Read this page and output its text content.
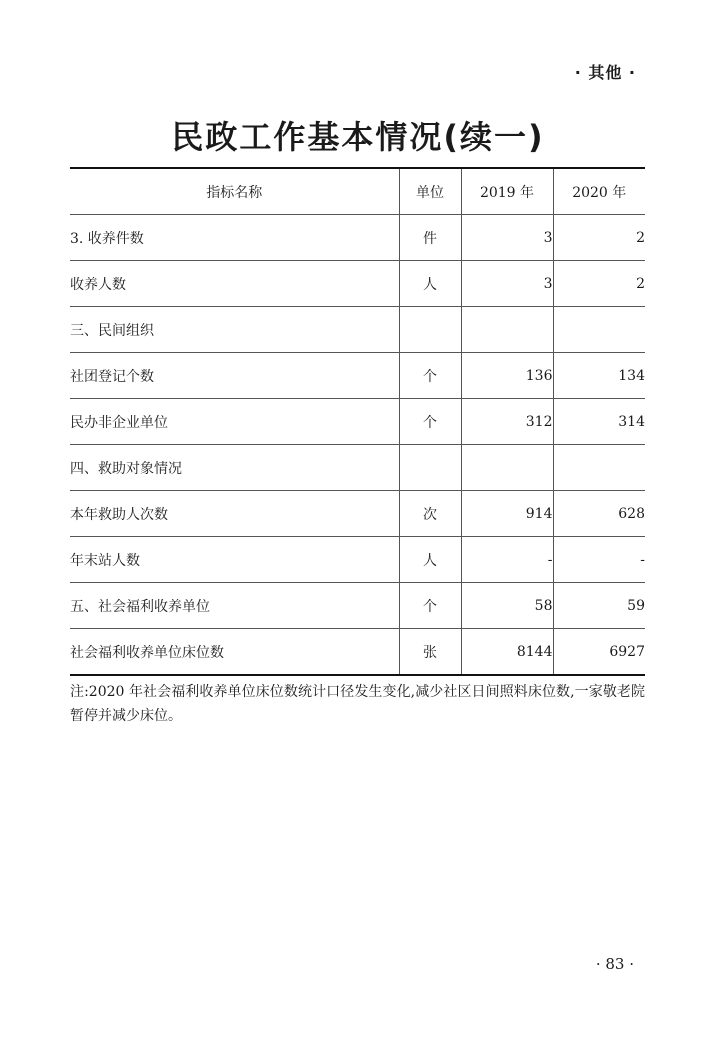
· 其他 ·
民政工作基本情况(续一)
指标名称	单位	2019 年	2020 年
3. 收养件数	件	3	2
收养人数	人	3	2
三、民间组织			
社团登记个数	个	136	134
民办非企业单位	个	312	314
四、救助对象情况			
本年救助人次数	次	914	628
年末站人数	人	-	-
五、社会福利收养单位	个	58	59
社会福利收养单位床位数	张	8144	6927
注:2020 年社会福利收养单位床位数统计口径发生变化,减少社区日间照料床位数,一家敬老院暂停并减少床位。
· 83 ·
